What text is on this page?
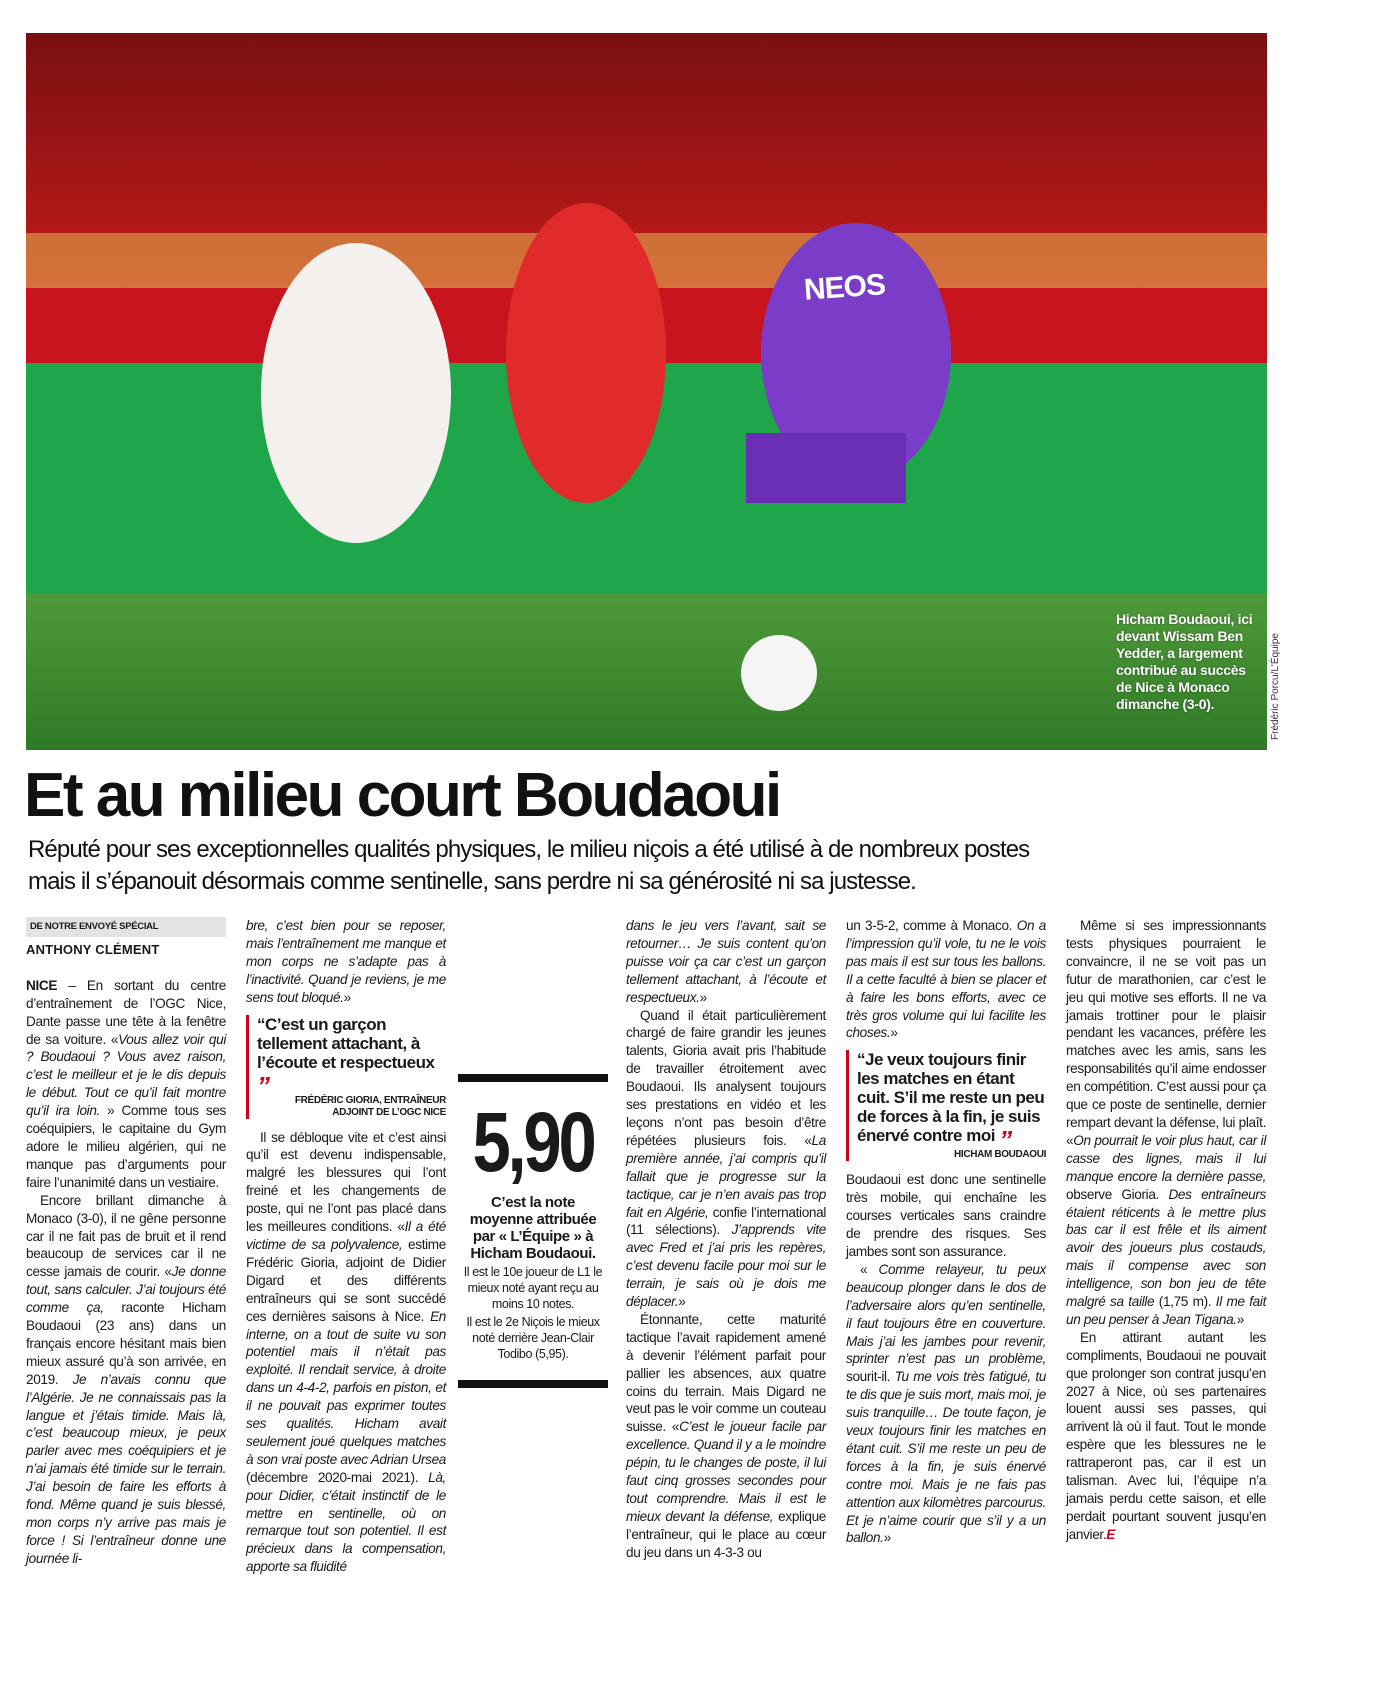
NEOS
Hicham Boudaoui, ici devant Wissam Ben Yedder, a largement contribué au succès de Nice à Monaco dimanche (3-0).	Frédéric Porcu/L'Équipe
Et au milieu court Boudaoui

Réputé pour ses exceptionnelles qualités physiques, le milieu niçois a été utilisé à de nombreux postes mais il s’épanouit désormais comme sentinelle, sans perdre ni sa générosité ni sa justesse.

DE NOTRE ENVOYÉ SPÉCIAL
ANTHONY CLÉMENT

NICE – En sortant du centre d’entraînement de l’OGC Nice, Dante passe une tête à la fenêtre de sa voiture. «Vous allez voir qui ? Boudaoui ? Vous avez raison, c’est le meilleur et je le dis depuis le début. Tout ce qu’il fait montre qu’il ira loin. » Comme tous ses coéquipiers, le capitaine du Gym adore le milieu algérien, qui ne manque pas d’arguments pour faire l’unanimité dans un vestiaire.

Encore brillant dimanche à Monaco (3-0), il ne gêne personne car il ne fait pas de bruit et il rend beaucoup de services car il ne cesse jamais de courir. «Je donne tout, sans calculer. J’ai toujours été comme ça, raconte Hicham Boudaoui (23 ans) dans un français encore hésitant mais bien mieux assuré qu’à son arrivée, en 2019. Je n’avais connu que l’Algérie. Je ne connaissais pas la langue et j’étais timide. Mais là, c’est beaucoup mieux, je peux parler avec mes coéquipiers et je n’ai jamais été timide sur le terrain. J’ai besoin de faire les efforts à fond. Même quand je suis blessé, mon corps n’y arrive pas mais je force ! Si l’entraîneur donne une journée li-

bre, c’est bien pour se reposer, mais l’entraînement me manque et mon corps ne s’adapte pas à l’inactivité. Quand je reviens, je me sens tout bloqué.»

“C’est un garçon tellement attachant, à l’écoute et respectueux ”	FRÉDÉRIC GIORIA, ENTRAÎNEUR ADJOINT DE L’OGC NICE

Il se débloque vite et c’est ainsi qu’il est devenu indispensable, malgré les blessures qui l’ont freiné et les changements de poste, qui ne l’ont pas placé dans les meilleures conditions. «Il a été victime de sa polyvalence, estime Frédéric Gioria, adjoint de Didier Digard et des différents entraîneurs qui se sont succédé ces dernières saisons à Nice. En interne, on a tout de suite vu son potentiel mais il n’était pas exploité. Il rendait service, à droite dans un 4-4-2, parfois en piston, et il ne pouvait pas exprimer toutes ses qualités. Hicham avait seulement joué quelques matches à son vrai poste avec Adrian Ursea (décembre 2020-mai 2021). Là, pour Didier, c’était instinctif de le mettre en sentinelle, où on remarque tout son potentiel. Il est précieux dans la compensation, apporte sa fluidité

5,90
C’est la note moyenne attribuée par « L’Équipe » à Hicham Boudaoui.
Il est le 10e joueur de L1 le mieux noté ayant reçu au moins 10 notes.
Il est le 2e Niçois le mieux noté derrière Jean-Clair Todibo (5,95).

dans le jeu vers l’avant, sait se retourner… Je suis content qu’on puisse voir ça car c’est un garçon tellement attachant, à l’écoute et respectueux.»

Quand il était particulièrement chargé de faire grandir les jeunes talents, Gioria avait pris l’habitude de travailler étroitement avec Boudaoui. Ils analysent toujours ses prestations en vidéo et les leçons n’ont pas besoin d’être répétées plusieurs fois. «La première année, j’ai compris qu’il fallait que je progresse sur la tactique, car je n’en avais pas trop fait en Algérie, confie l’international (11 sélections). J’apprends vite avec Fred et j’ai pris les repères, c’est devenu facile pour moi sur le terrain, je sais où je dois me déplacer.»

Étonnante, cette maturité tactique l’avait rapidement amené à devenir l’élément parfait pour pallier les absences, aux quatre coins du terrain. Mais Digard ne veut pas le voir comme un couteau suisse. «C’est le joueur facile par excellence. Quand il y a le moindre pépin, tu le changes de poste, il lui faut cinq grosses secondes pour tout comprendre. Mais il est le mieux devant la défense, explique l’entraîneur, qui le place au cœur du jeu dans un 4-3-3 ou

un 3-5-2, comme à Monaco. On a l’impression qu’il vole, tu ne le vois pas mais il est sur tous les ballons. Il a cette faculté à bien se placer et à faire les bons efforts, avec ce très gros volume qui lui facilite les choses.»

“Je veux toujours finir les matches en étant cuit. S’il me reste un peu de forces à la fin, je suis énervé contre moi ”
HICHAM BOUDAOUI

Boudaoui est donc une sentinelle très mobile, qui enchaîne les courses verticales sans craindre de prendre des risques. Ses jambes sont son assurance.

« Comme relayeur, tu peux beaucoup plonger dans le dos de l’adversaire alors qu’en sentinelle, il faut toujours être en couverture. Mais j’ai les jambes pour revenir, sprinter n’est pas un problème, sourit-il. Tu me vois très fatigué, tu te dis que je suis mort, mais moi, je suis tranquille… De toute façon, je veux toujours finir les matches en étant cuit. S’il me reste un peu de forces à la fin, je suis énervé contre moi. Mais je ne fais pas attention aux kilomètres parcourus. Et je n’aime courir que s’il y a un ballon.»

Même si ses impressionnants tests physiques pourraient le convaincre, il ne se voit pas un futur de marathonien, car c’est le jeu qui motive ses efforts. Il ne va jamais trottiner pour le plaisir pendant les vacances, préfère les matches avec les amis, sans les responsabilités qu’il aime endosser en compétition. C’est aussi pour ça que ce poste de sentinelle, dernier rempart devant la défense, lui plaît. «On pourrait le voir plus haut, car il casse des lignes, mais il lui manque encore la dernière passe, observe Gioria. Des entraîneurs étaient réticents à le mettre plus bas car il est frêle et ils aiment avoir des joueurs plus costauds, mais il compense avec son intelligence, son bon jeu de tête malgré sa taille (1,75 m). Il me fait un peu penser à Jean Tigana.»

En attirant autant les compliments, Boudaoui ne pouvait que prolonger son contrat jusqu’en 2027 à Nice, où ses partenaires louent aussi ses passes, qui arrivent là où il faut. Tout le monde espère que les blessures ne le rattraperont pas, car il est un talisman. Avec lui, l’équipe n’a jamais perdu cette saison, et elle perdait pourtant souvent jusqu’en janvier.E
